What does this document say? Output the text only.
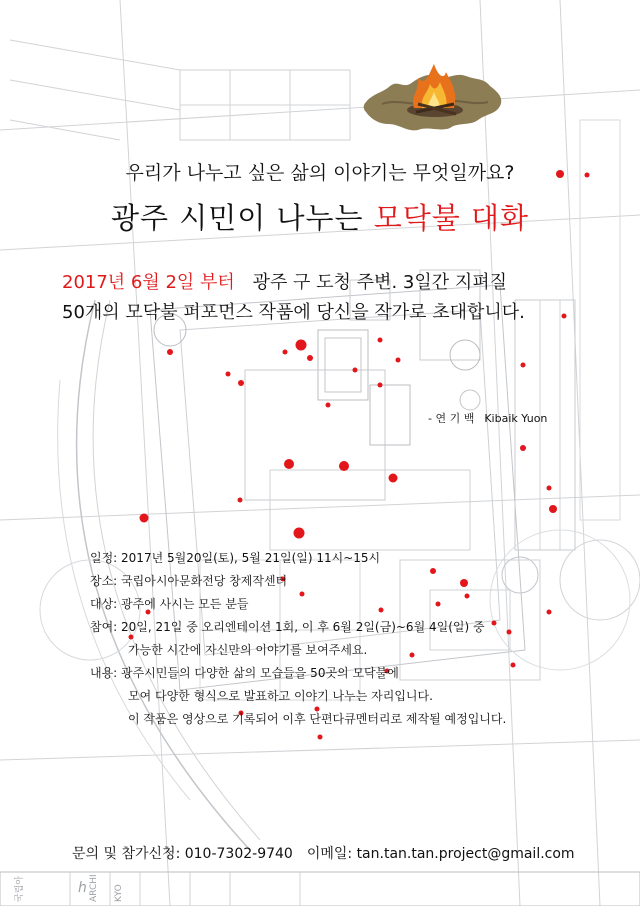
국립아	ARCHI KYO
h
우리가 나누고 싶은 삶의 이야기는 무엇일까요?
광주 시민이 나누는 모닥불 대화
2017년 6월 2일 부터 광주 구 도청 주변. 3일간 지펴질
50개의 모닥불 퍼포먼스 작품에 당신을 작가로 초대합니다.
- 연 기 백 Kibaik Yuon
일정: 2017년 5월20일(토), 5월 21일(일) 11시~15시
장소: 국립아시아문화전당 창제작센터
대상: 광주에 사시는 모든 분들
참여: 20일, 21일 중 오리엔테이션 1회, 이 후 6월 2일(금)~6월 4일(일) 중
가능한 시간에 자신만의 이야기를 보여주세요.
내용: 광주시민들의 다양한 삶의 모습들을 50곳의 모닥불에
모여 다양한 형식으로 발표하고 이야기 나누는 자리입니다.
이 작품은 영상으로 기록되어 이후 단편다큐멘터리로 제작될 예정입니다.
문의 및 참가신청: 010-7302-9740 이메일: tan.tan.tan.project@gmail.com
